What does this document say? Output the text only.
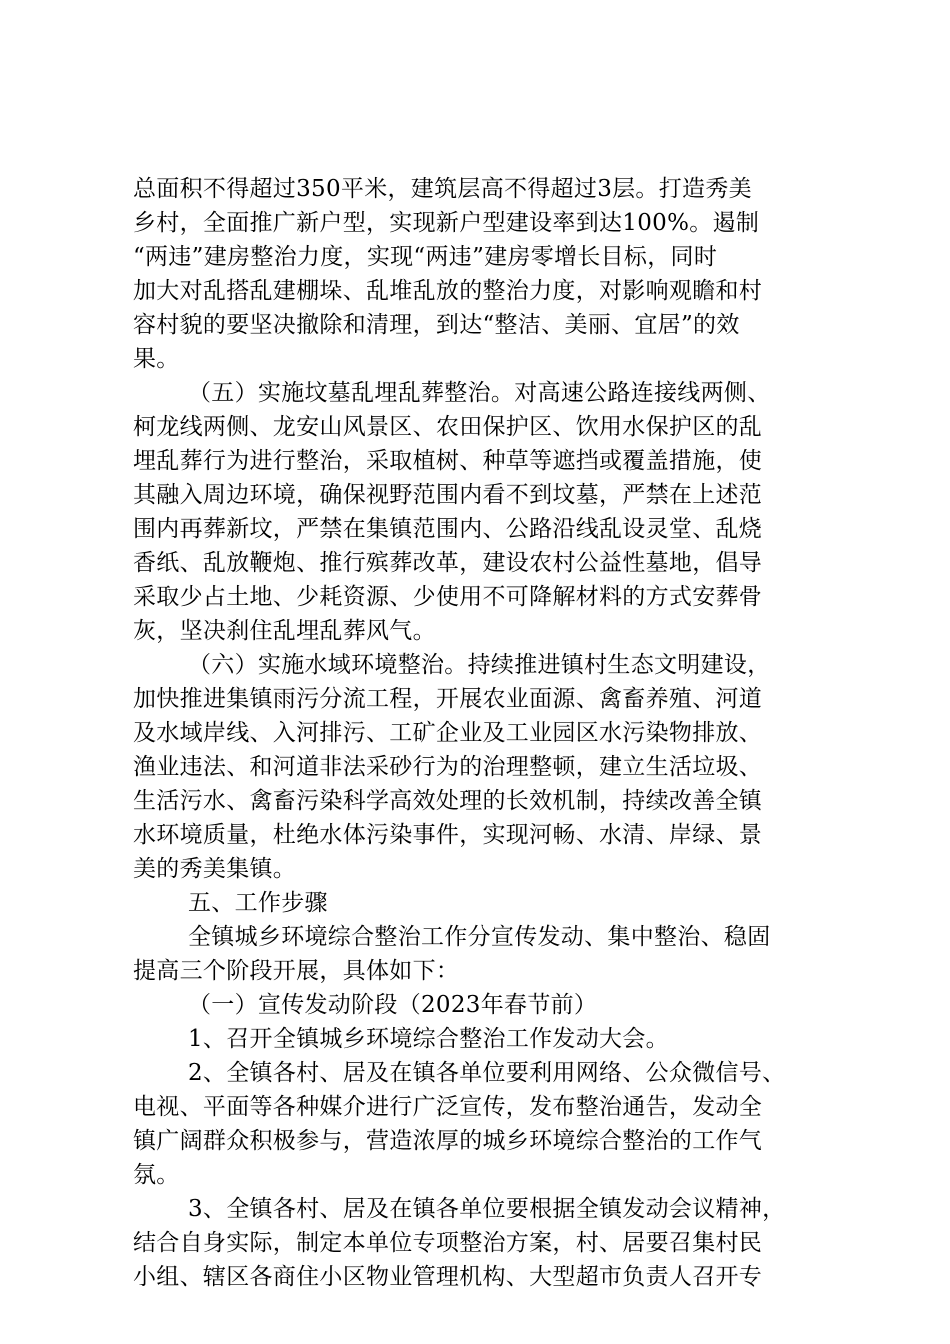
总面积不得超过350平米，建筑层高不得超过3层。打造秀美
乡村，全面推广新户型，实现新户型建设率到达100%。遏制
“两违”建房整治力度，实现“两违”建房零增长目标，同时
加大对乱搭乱建棚垛、乱堆乱放的整治力度，对影响观瞻和村
容村貌的要坚决撤除和清理，到达“整洁、美丽、宜居”的效
果。
（五）实施坟墓乱埋乱葬整治。对高速公路连接线两侧、
柯龙线两侧、龙安山风景区、农田保护区、饮用水保护区的乱
埋乱葬行为进行整治，采取植树、种草等遮挡或覆盖措施，使
其融入周边环境，确保视野范围内看不到坟墓，严禁在上述范
围内再葬新坟，严禁在集镇范围内、公路沿线乱设灵堂、乱烧
香纸、乱放鞭炮、推行殡葬改革，建设农村公益性墓地，倡导
采取少占土地、少耗资源、少使用不可降解材料的方式安葬骨
灰，坚决刹住乱埋乱葬风气。
（六）实施水域环境整治。持续推进镇村生态文明建设，
加快推进集镇雨污分流工程，开展农业面源、禽畜养殖、河道
及水域岸线、入河排污、工矿企业及工业园区水污染物排放、
渔业违法、和河道非法采砂行为的治理整顿，建立生活垃圾、
生活污水、禽畜污染科学高效处理的长效机制，持续改善全镇
水环境质量，杜绝水体污染事件，实现河畅、水清、岸绿、景
美的秀美集镇。
五、工作步骤
全镇城乡环境综合整治工作分宣传发动、集中整治、稳固
提高三个阶段开展，具体如下：
（一）宣传发动阶段（2023年春节前）
1、召开全镇城乡环境综合整治工作发动大会。
2、全镇各村、居及在镇各单位要利用网络、公众微信号、
电视、平面等各种媒介进行广泛宣传，发布整治通告，发动全
镇广阔群众积极参与，营造浓厚的城乡环境综合整治的工作气
氛。
3、全镇各村、居及在镇各单位要根据全镇发动会议精神，
结合自身实际，制定本单位专项整治方案，村、居要召集村民
小组、辖区各商住小区物业管理机构、大型超市负责人召开专
